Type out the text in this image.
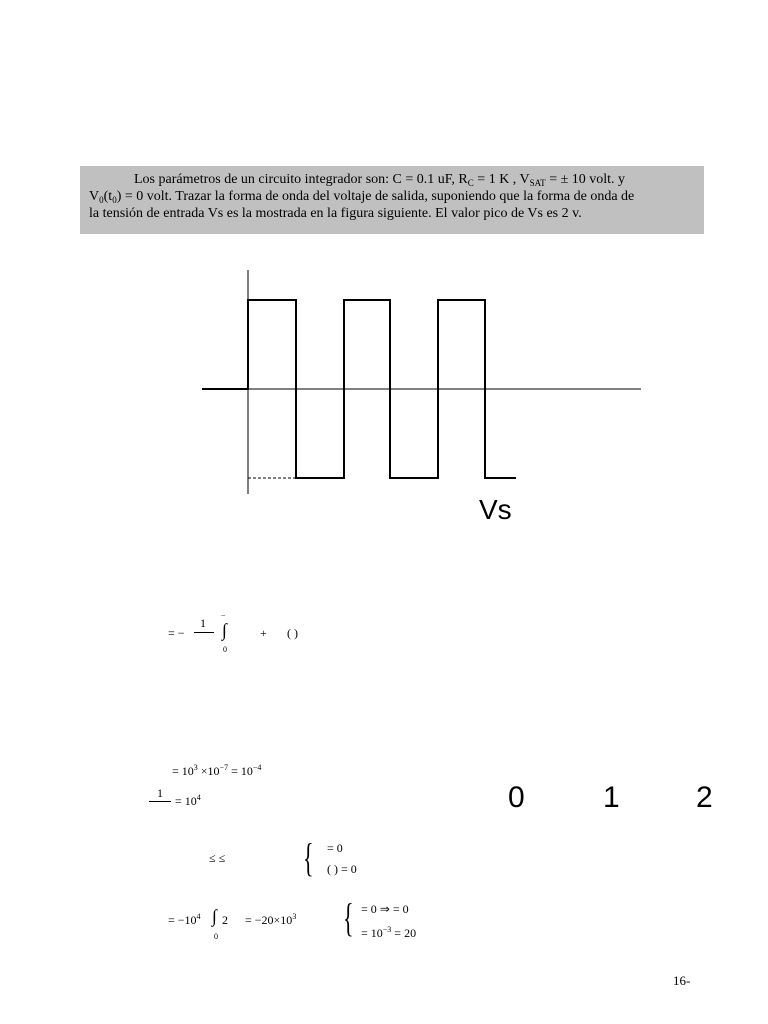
Los parámetros de un circuito integrador son: C = 0.1 uF, $R_C = 1$ K , $V_{SAT}$ = ± 10 volt. y
$V_0(t_0) = 0$ volt. Trazar la forma de onda del voltaje de salida, suponiendo que la forma de onda de
la tensión de entrada Vs es la mostrada en la figura siguiente. El valor pico de Vs es 2 v.
Vs
= −
1
−
∫
0
+ ( )
= $10^3 \times 10^{-7} = 10^{-4}$
1
= $10^4$	0	1	2
≤ ≤ { = 0
( ) = 0
= $-10^4$ ∫
0
$2 = -20\times 10^3$ { = 0 ⇒ = 0
= $10^{-3} = 20$
16-
